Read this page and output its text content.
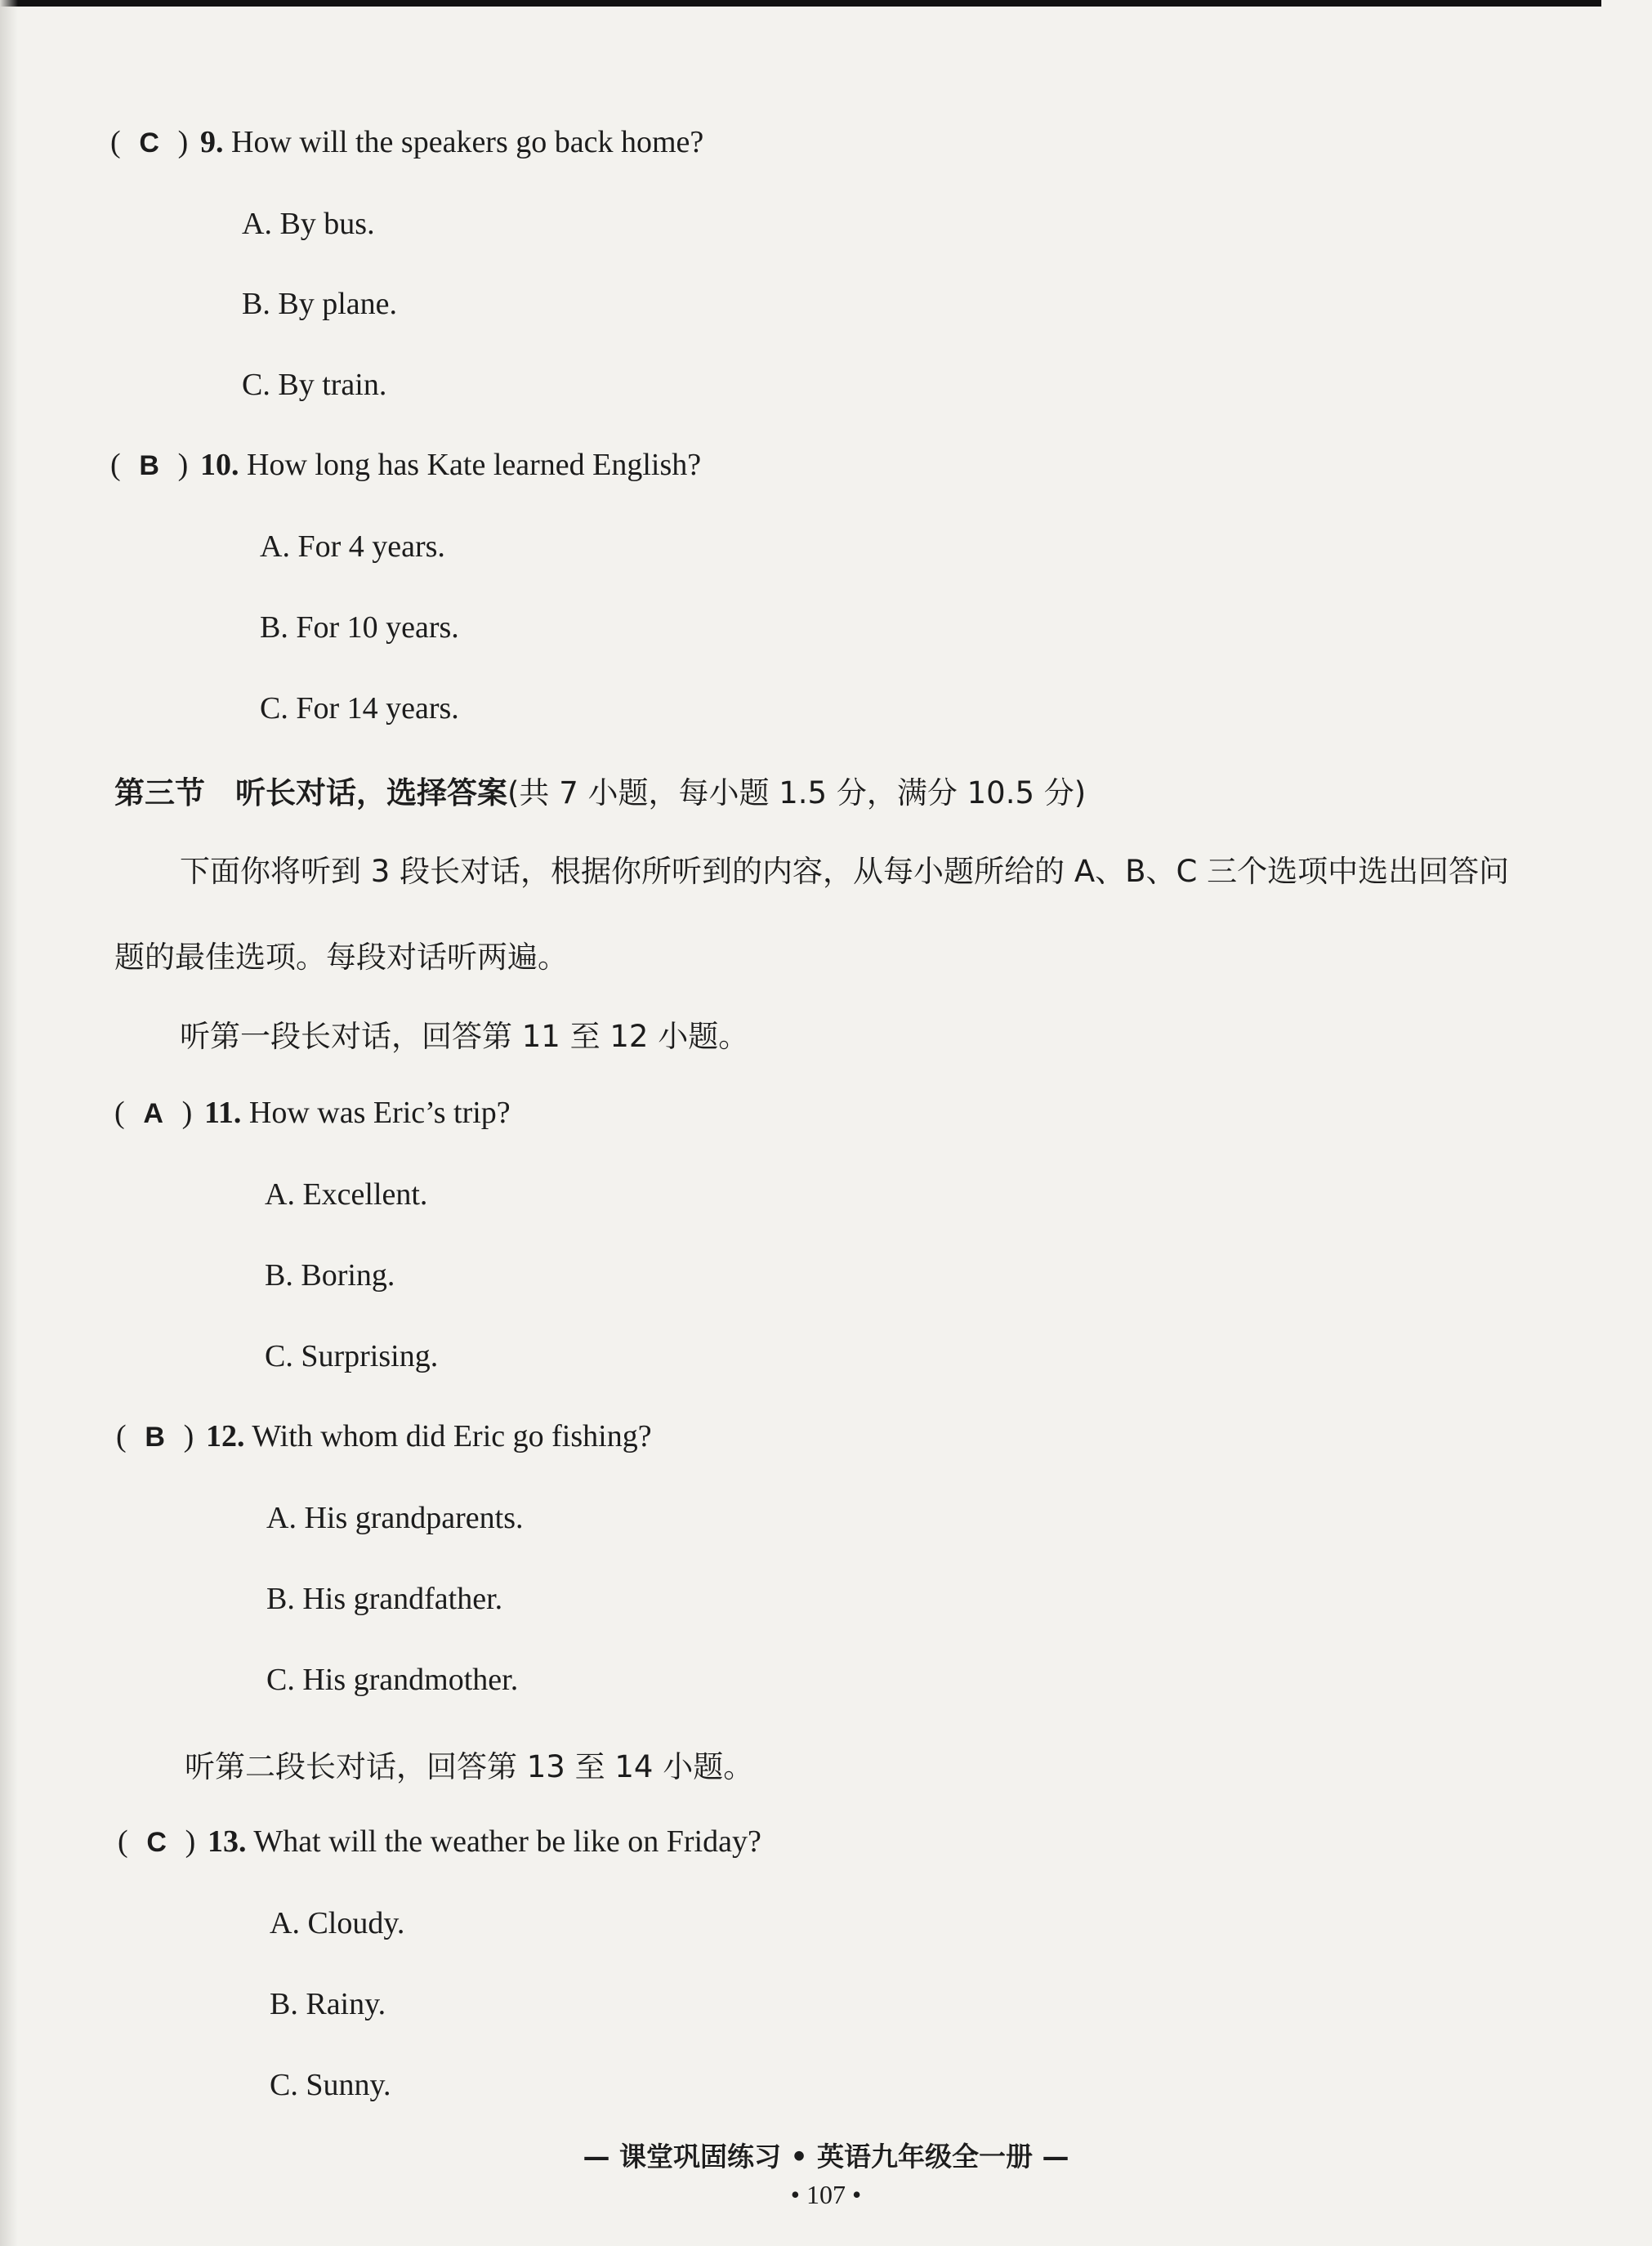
( C ) 9. How will the speakers go back home?
A. By bus.
B. By plane.
C. By train.
( B ) 10. How long has Kate learned English?
A. For 4 years.
B. For 10 years.
C. For 14 years.
第三节　听长对话，选择答案(共 7 小题，每小题 1.5 分，满分 10.5 分)
下面你将听到 3 段长对话，根据你所听到的内容，从每小题所给的 A、B、C 三个选项中选出回答问
题的最佳选项。每段对话听两遍。
听第一段长对话，回答第 11 至 12 小题。
( A ) 11. How was Eric’s trip?
A. Excellent.
B. Boring.
C. Surprising.
( B ) 12. With whom did Eric go fishing?
A. His grandparents.
B. His grandfather.
C. His grandmother.
听第二段长对话，回答第 13 至 14 小题。
( C ) 13. What will the weather be like on Friday?
A. Cloudy.
B. Rainy.
C. Sunny.
— 课堂巩固练习 • 英语九年级全一册 —
• 107 •
